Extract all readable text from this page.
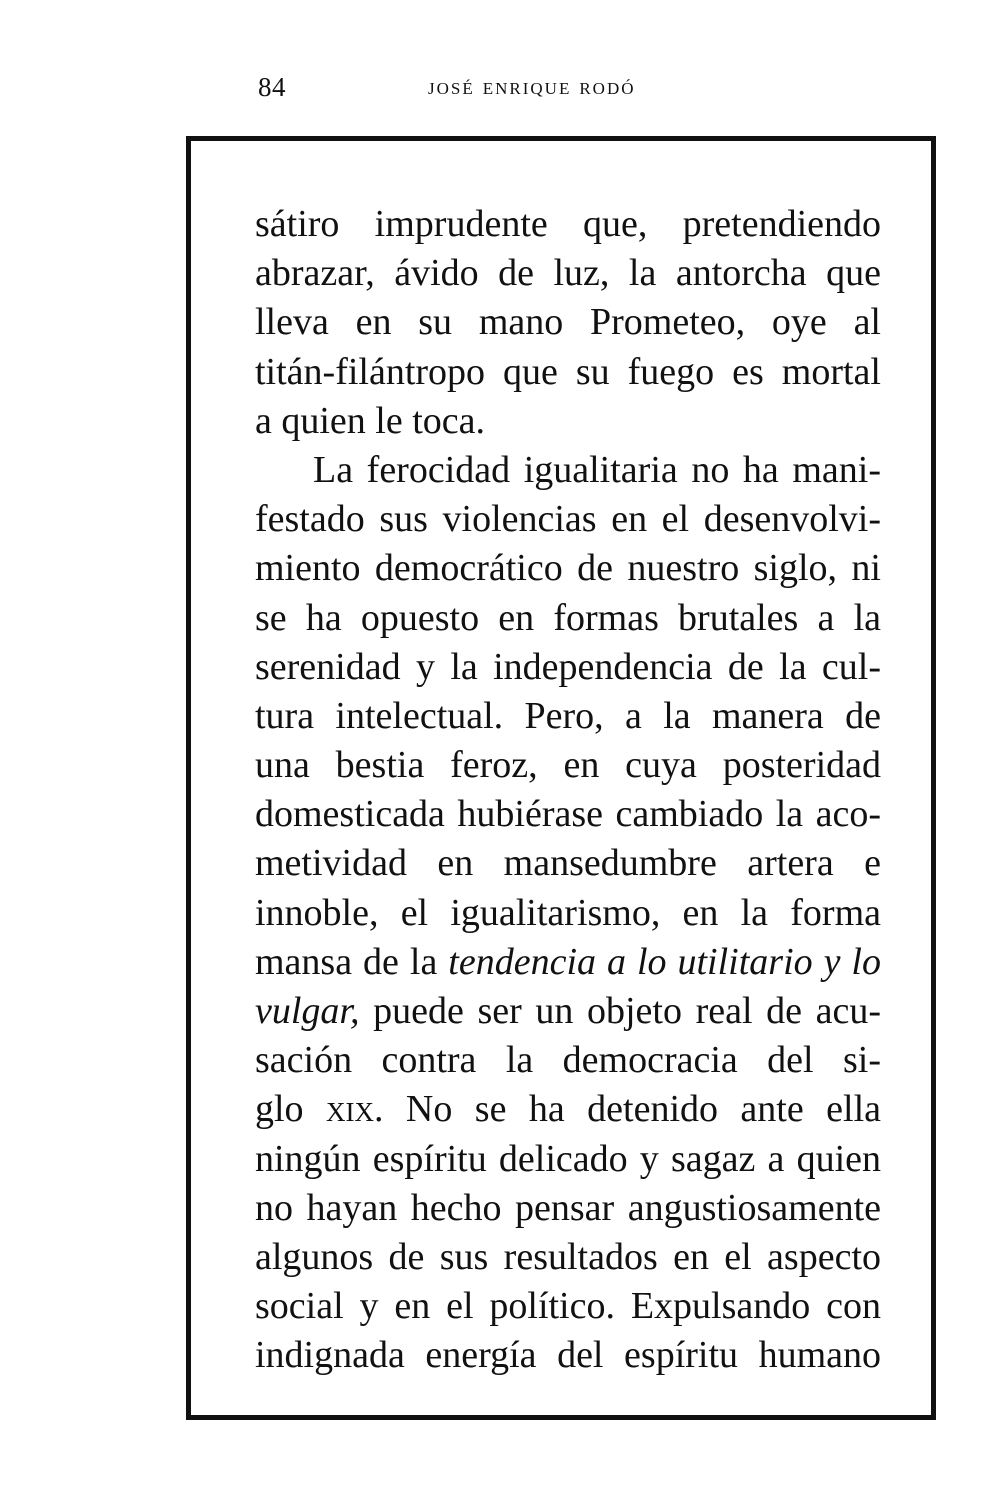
84	josé enrique rodó
sátiro imprudente que, pretendiendo
abrazar, ávido de luz, la antorcha que
lleva en su mano Prometeo, oye al
titán-filántropo que su fuego es mortal
a quien le toca.
La ferocidad igualitaria no ha mani-
festado sus violencias en el desenvolvi-
miento democrático de nuestro siglo, ni
se ha opuesto en formas brutales a la
serenidad y la independencia de la cul-
tura intelectual. Pero, a la manera de
una bestia feroz, en cuya posteridad
domesticada hubiérase cambiado la aco-
metividad en mansedumbre artera e
innoble, el igualitarismo, en la forma
mansa de la tendencia a lo utilitario y lo
vulgar, puede ser un objeto real de acu-
sación contra la democracia del si-
glo xix. No se ha detenido ante ella
ningún espíritu delicado y sagaz a quien
no hayan hecho pensar angustiosamente
algunos de sus resultados en el aspecto
social y en el político. Expulsando con
indignada energía del espíritu humano
